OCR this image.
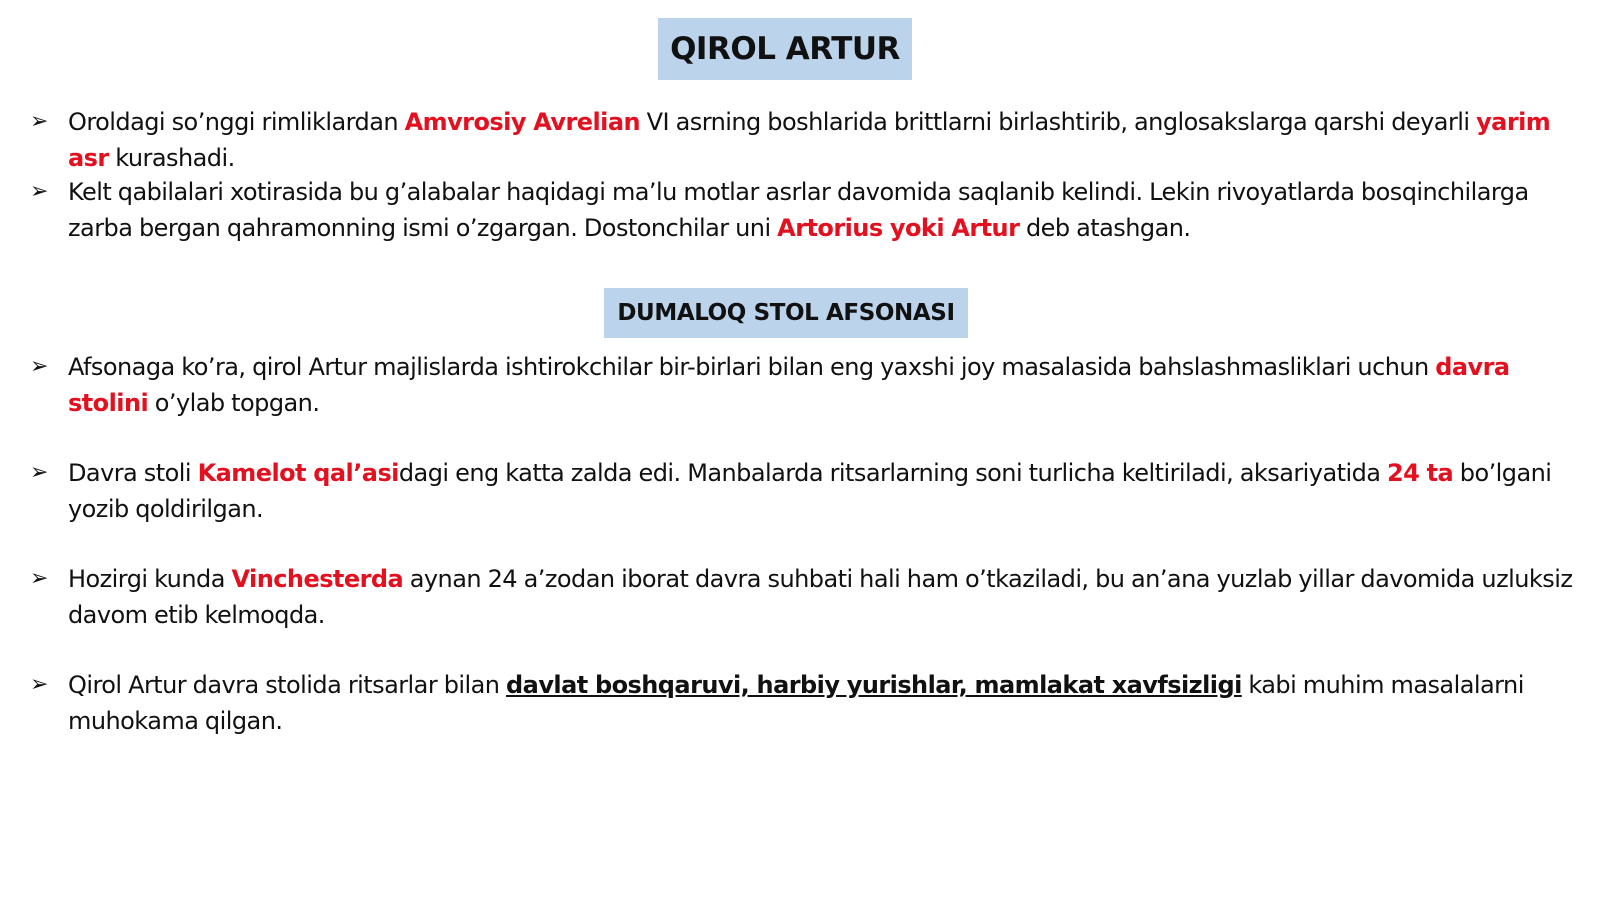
QIROL ARTUR
➢ Oroldagi so’nggi rimliklardan Amvrosiy Avrelian VI asrning boshlarida brittlarni birlashtirib, anglosakslarga qarshi deyarli yarim asr kurashadi.
➢ Kelt qabilalari xotirasida bu g’alabalar haqidagi ma’lu motlar asrlar davomida saqlanib kelindi. Lekin rivoyatlarda bosqinchilarga zarba bergan qahramonning ismi o’zgargan. Dostonchilar uni Artorius yoki Artur deb atashgan.
DUMALOQ STOL AFSONASI
➢ Afsonaga ko’ra, qirol Artur majlislarda ishtirokchilar bir-birlari bilan eng yaxshi joy masalasida bahslashmasliklari uchun davra stolini o’ylab topgan.
➢ Davra stoli Kamelot qal’asidagi eng katta zalda edi. Manbalarda ritsarlarning soni turlicha keltiriladi, aksariyatida 24 ta bo’lgani yozib qoldirilgan.
➢ Hozirgi kunda Vinchesterda aynan 24 a’zodan iborat davra suhbati hali ham o’tkaziladi, bu an’ana yuzlab yillar davomida uzluksiz davom etib kelmoqda.
➢ Qirol Artur davra stolida ritsarlar bilan davlat boshqaruvi, harbiy yurishlar, mamlakat xavfsizligi kabi muhim masalalarni muhokama qilgan.
